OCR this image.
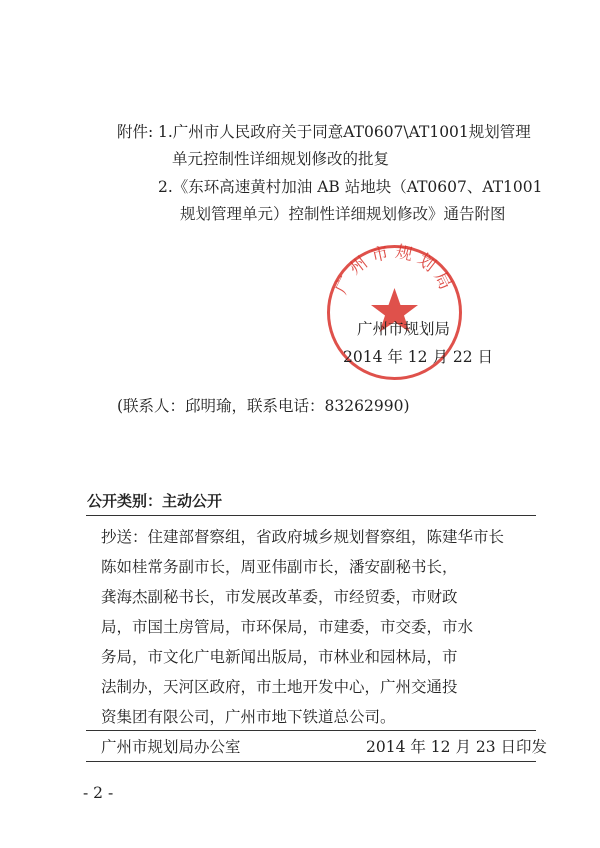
附件: 1.广州市人民政府关于同意AT0607\AT1001规划管理
单元控制性详细规划修改的批复
2.《东环高速黄村加油 AB 站地块（AT0607、AT1001
规划管理单元）控制性详细规划修改》通告附图
广州市规划局
广州市规划局
2014 年 12 月 22 日
(联系人：邱明瑜，联系电话：83262990)
公开类别：主动公开
抄送：住建部督察组，省政府城乡规划督察组，陈建华市长
陈如桂常务副市长，周亚伟副市长，潘安副秘书长，
龚海杰副秘书长，市发展改革委，市经贸委，市财政
局，市国土房管局，市环保局，市建委，市交委，市水
务局，市文化广电新闻出版局，市林业和园林局，市
法制办，天河区政府，市土地开发中心，广州交通投
资集团有限公司，广州市地下铁道总公司。
广州市规划局办公室	2014 年 12 月 23 日印发
- 2 -
